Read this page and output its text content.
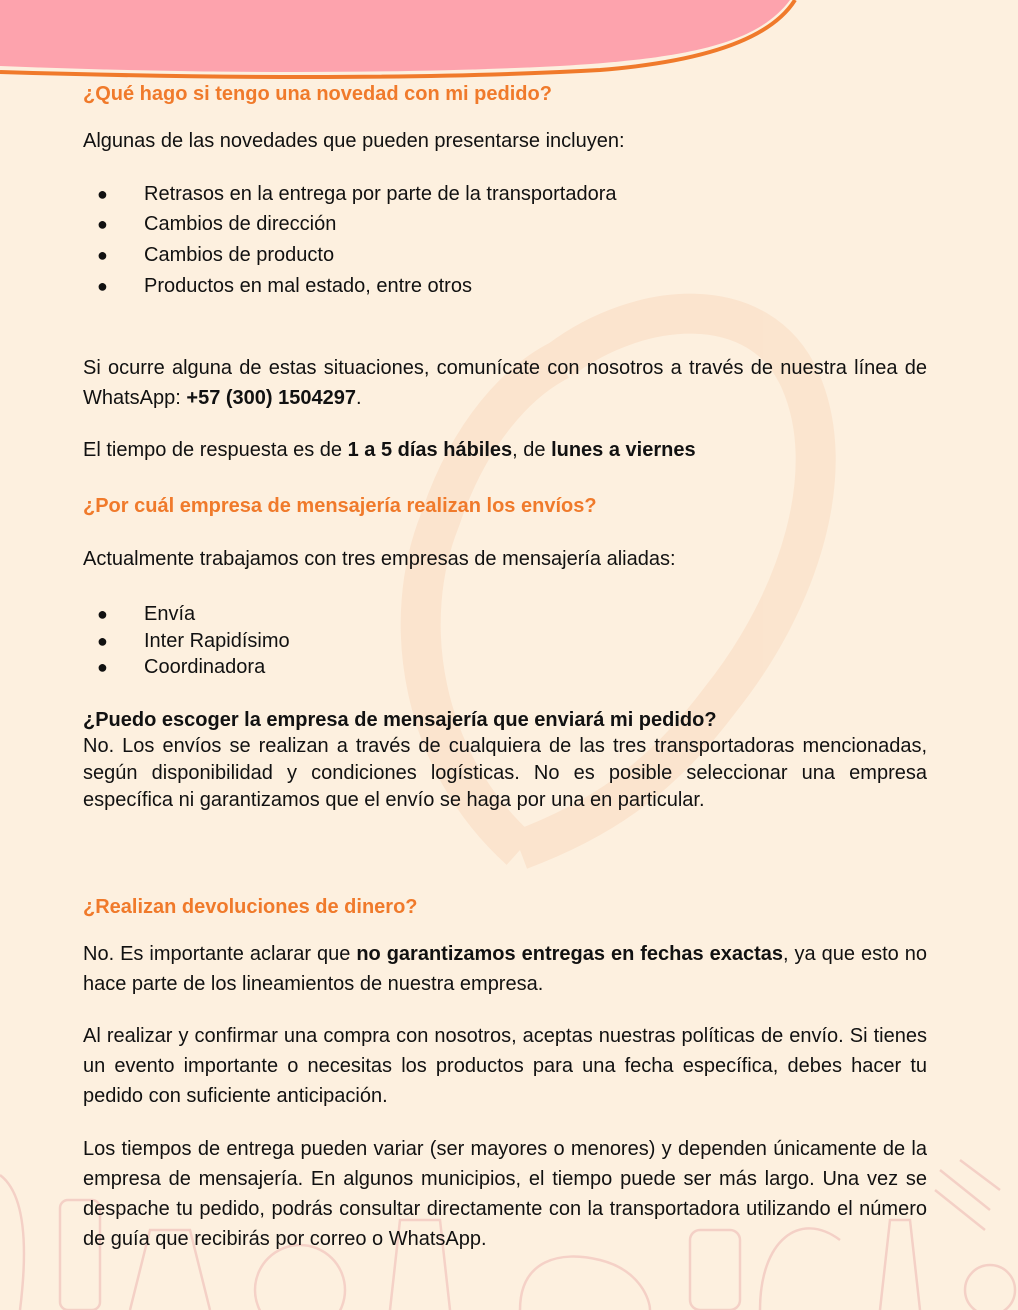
¿Qué hago si tengo una novedad con mi pedido?
Algunas de las novedades que pueden presentarse incluyen:
● Retrasos en la entrega por parte de la transportadora
● Cambios de dirección
● Cambios de producto
● Productos en mal estado, entre otros

Si ocurre alguna de estas situaciones, comunícate con nosotros a través de nuestra línea de WhatsApp: +57 (300) 1504297.

El tiempo de respuesta es de 1 a 5 días hábiles, de lunes a viernes

¿Por cuál empresa de mensajería realizan los envíos?
Actualmente trabajamos con tres empresas de mensajería aliadas:
● Envía
● Inter Rapidísimo
● Coordinadora
¿Puedo escoger la empresa de mensajería que enviará mi pedido?

No. Los envíos se realizan a través de cualquiera de las tres transportadoras mencionadas, según disponibilidad y condiciones logísticas. No es posible seleccionar una empresa específica ni garantizamos que el envío se haga por una en particular.

¿Realizan devoluciones de dinero?

No. Es importante aclarar que no garantizamos entregas en fechas exactas, ya que esto no hace parte de los lineamientos de nuestra empresa.

Al realizar y confirmar una compra con nosotros, aceptas nuestras políticas de envío. Si tienes un evento importante o necesitas los productos para una fecha específica, debes hacer tu pedido con suficiente anticipación.

Los tiempos de entrega pueden variar (ser mayores o menores) y dependen únicamente de la empresa de mensajería. En algunos municipios, el tiempo puede ser más largo. Una vez se despache tu pedido, podrás consultar directamente con la transportadora utilizando el número de guía que recibirás por correo o WhatsApp.
